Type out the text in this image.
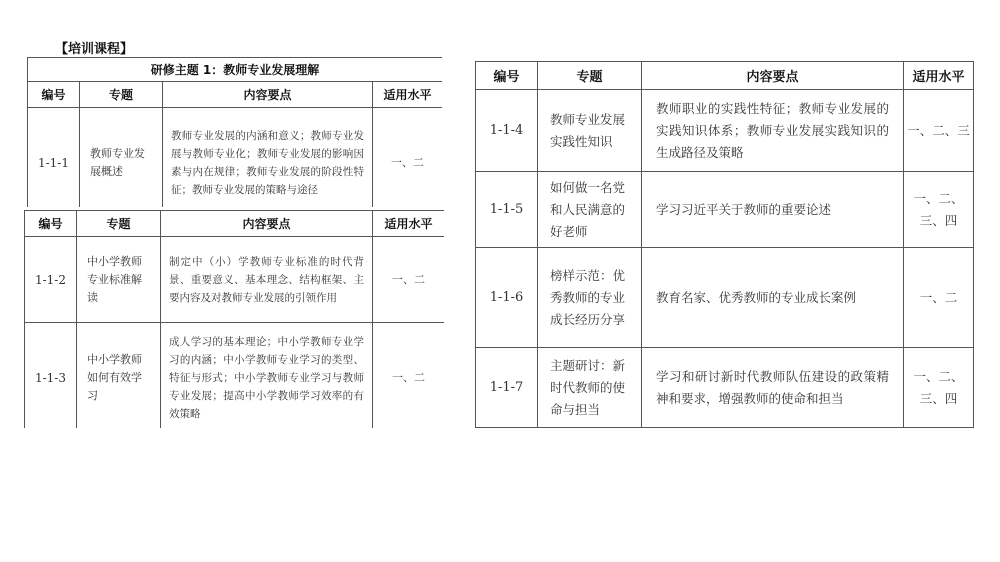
【培训课程】
研修主题 1：教师专业发展理解			
编号	专题	内容要点	适用水平
1-1-1	教师专业发展概述	教师专业发展的内涵和意义；教师专业发展与教师专业化；教师专业发展的影响因素与内在规律；教师专业发展的阶段性特征；教师专业发展的策略与途径	一、二
编号	专题	内容要点	适用水平
1-1-2	中小学教师专业标准解读	制定中（小）学教师专业标准的时代背景、重要意义、基本理念、结构框架、主要内容及对教师专业发展的引领作用	一、二
1-1-3	中小学教师如何有效学习	成人学习的基本理论；中小学教师专业学习的内涵；中小学教师专业学习的类型、特征与形式；中小学教师专业学习与教师专业发展；提高中小学教师学习效率的有效策略	一、二
编号	专题	内容要点	适用水平
1-1-4	教师专业发展实践性知识	教师职业的实践性特征；教师专业发展的实践知识体系；教师专业发展实践知识的生成路径及策略	一、二、三
1-1-5	如何做一名党和人民满意的好老师	学习习近平关于教师的重要论述	一、二、三、四
1-1-6	榜样示范：优秀教师的专业成长经历分享	教育名家、优秀教师的专业成长案例	一、二
1-1-7	主题研讨：新时代教师的使命与担当	学习和研讨新时代教师队伍建设的政策精神和要求，增强教师的使命和担当	一、二、三、四
